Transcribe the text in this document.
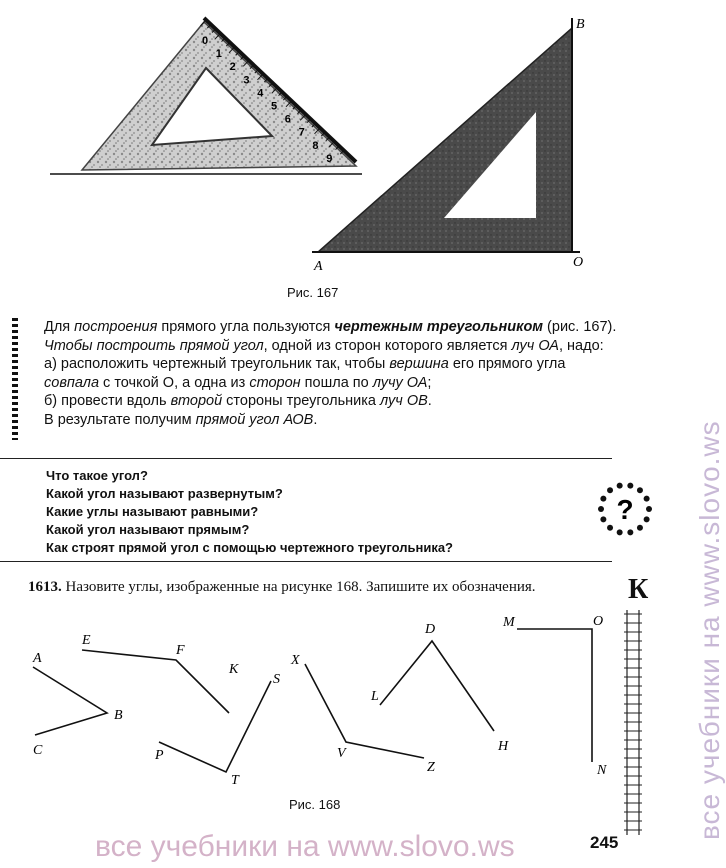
0
1
2
3
4
5
6
7
8
9
A	O
B
Рис. 167

Для построения прямого угла пользуются чертежным треугольником (рис. 167). Чтобы построить прямой угол, одной из сторон которого является луч ОА, надо:

а) расположить чертежный треугольник так, чтобы вершина его прямого угла совпала с точкой О, а одна из сторон пошла по лучу ОА;

б) провести вдоль второй стороны треугольника луч ОВ.

В результате получим прямой угол АОВ.

Что такое угол?
Какой угол называют развернутым?
Какие углы называют равными?
Какой угол называют прямым?
Как строят прямой угол с помощью чертежного треугольника?
?
1613. Назовите углы, изображенные на рисунке 168. Запишите их обозначения.	К
A
B
C
E
F
K
P
T
S
X
V
Z
L
D
H
M	O
N
Рис. 168	все учебники на www.slovo.ws
все учебники на www.slovo.ws	245
